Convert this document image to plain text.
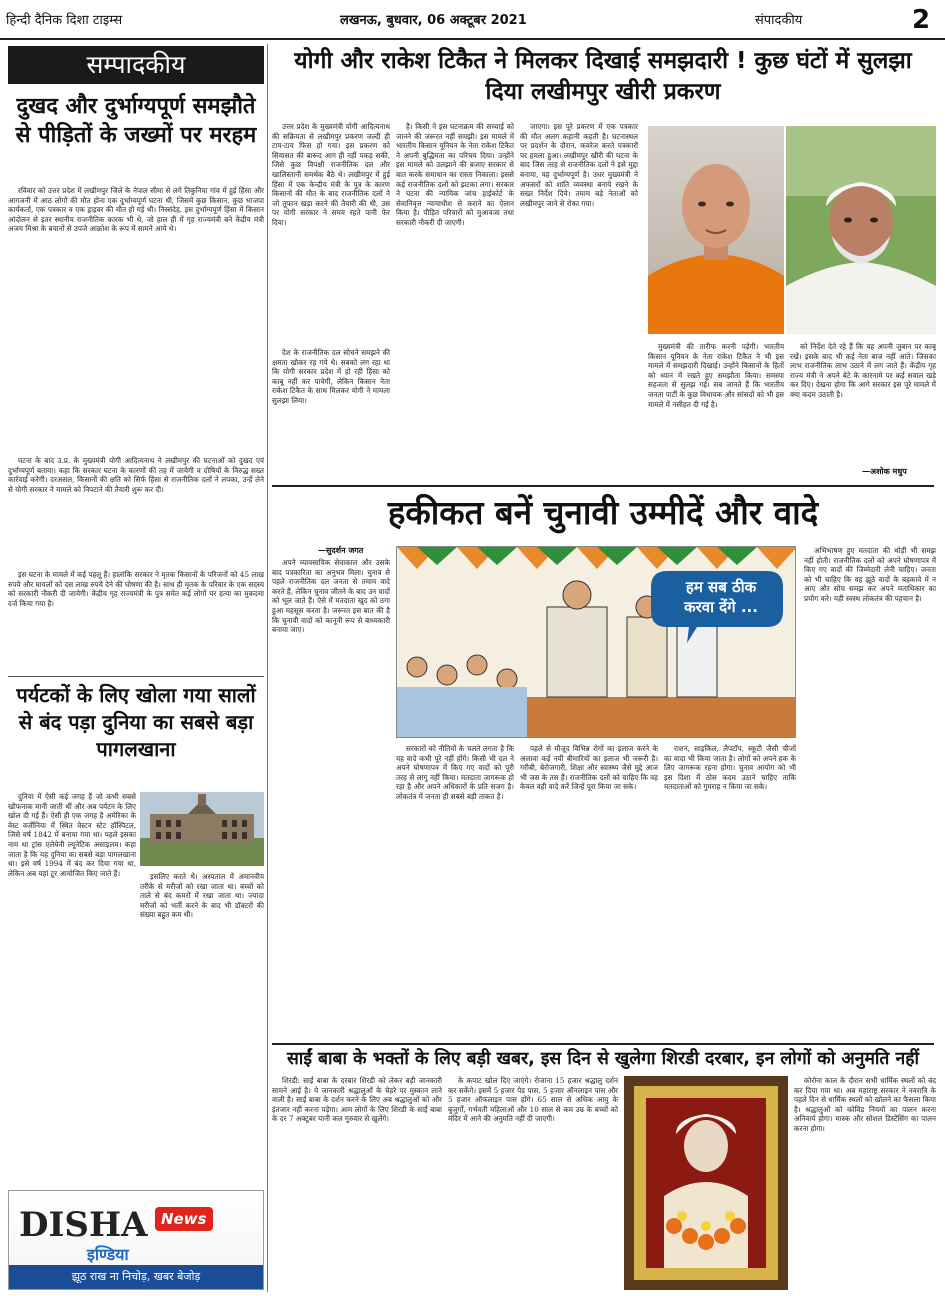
हिन्दी दैनिक दिशा टाइम्स	लखनऊ, बुधवार, 06 अक्टूबर 2021	संपादकीय	2
सम्पादकीय
दुखद और दुर्भाग्यपूर्ण समझौते से पीड़ितों के जख्मों पर मरहम

रविवार को उत्तर प्रदेश में लखीमपुर जिले के नेपाल सीमा से लगे तिकुनिया गांव में हुई हिंसा और आगजनी में आठ लोगों की मौत होना एक दुर्भाग्यपूर्ण घटना थी, जिसमें कुछ किसान, कुछ भाजपा कार्यकर्ता, एक पत्रकार व एक ड्राइवर की मौत हो गई थी। निस्संदेह, इस दुर्भाग्यपूर्ण हिंसा में किसान आंदोलन से इतर स्थानीय राजनीतिक कारक भी थे, जो हाल ही में गृह राज्यमंत्री बने केंद्रीय मंत्री अजय मिश्रा के बयानों से उपजे आक्रोश के रूप में सामने आये थे।

घटना के बाद उ.प्र. के मुख्यमंत्री योगी आदित्यनाथ ने लखीमपुर की घटनाओं को दुखद एवं दुर्भाग्यपूर्ण बताया। कहा कि सरकार घटना के कारणों की तह में जायेगी व दोषियों के विरुद्ध सख्त कार्रवाई करेगी। दरअसल, किसानों की क्षति को सिर्फ हिंसा से राजनीतिक दलों ने लपका, उन्हें लेने से योगी सरकार ने मामले को निपटाने की तैयारी शुरू कर दी।

इस घटना के मामले में कई पहलू हैं। हालांकि सरकार ने मृतक किसानों के परिजनों को 45 लाख रुपये और घायलों को दस लाख रुपये देने की घोषणा की है। साथ ही मृतक के परिवार के एक सदस्य को सरकारी नौकरी दी जायेगी। केंद्रीय गृह राज्यमंत्री के पुत्र समेत कई लोगों पर हत्या का मुकदमा दर्ज किया गया है।

पर्यटकों के लिए खोला गया सालों से बंद पड़ा दुनिया का सबसे बड़ा पागलखाना

दुनिया में ऐसी कई जगह हैं जो कभी सबसे खौफनाक मानी जाती थीं और अब पर्यटन के लिए खोल दी गई हैं। ऐसी ही एक जगह है अमेरिका के वेस्ट वर्जीनिया में स्थित वेस्टन स्टेट हॉस्पिटल, जिसे वर्ष 1842 में बनाया गया था। पहले इसका नाम था ट्रांस एलेघेनी ल्यूनेटिक असाइलम। कहा जाता है कि यह दुनिया का सबसे बड़ा पागलखाना था। इसे वर्ष 1994 में बंद कर दिया गया था, लेकिन अब यहां टूर आयोजित किए जाते हैं।	इसलिए करते थे। अस्पताल में अमानवीय तरीके से मरीजों को रखा जाता था। बच्चों को ताले से बंद कमरों में रखा जाता था। ज्यादा मरीजों को भर्ती करने के बाद भी डॉक्टरों की संख्या बहुत कम थी।

DISHA News
इण्डिया
झूठ राख ना निचोड़, खबर बेजोड़
योगी और राकेश टिकैत ने मिलकर दिखाई समझदारी ! कुछ घंटों में सुलझा दिया लखीमपुर खीरी प्रकरण

उत्तर प्रदेश के मुख्यमंत्री योगी आदित्यनाथ की सक्रियता से लखीमपुर प्रकरण जल्दी ही टाय-टाय फिस हो गया। इस प्रकरण को सियासत की बारूद आग ही नहीं पकड़ सकी, जिसे कुछ विपक्षी राजनीतिक दल और खालिस्तानी समर्थक बैठे थे। लखीमपुर में हुई हिंसा में एक केन्द्रीय मंत्री के पुत्र के कारण किसानों की मौत के बाद राजनीतिक दलों ने जो तूफान खड़ा करने की तैयारी की थी, उस पर योगी सरकार ने समय रहते पानी फेर दिया।

देश के राजनीतिक दल सोचने समझने की क्षमता खोकर रह गये थे। सबको लग रहा था कि योगी सरकार प्रदेश में हो रही हिंसा को काबू नहीं कर पायेगी, लेकिन किसान नेता राकेश टिकैत के साथ मिलकर योगी ने मामला सुलझा लिया।

है। किसी ने इस घटनाक्रम की सच्चाई को जानने की जरूरत नहीं समझी। इस मामले में भारतीय किसान यूनियन के नेता राकेश टिकैत ने अपनी बुद्धिमता का परिचय दिया। उन्होंने इस मामले को उलझाने की बजाए सरकार से बात करके समाधान का रास्ता निकाला। इससे कई राजनीतिक दलों को झटका लगा। सरकार ने घटना की न्यायिक जांच हाईकोर्ट के सेवानिवृत्त न्यायाधीश से कराने का ऐलान किया है। पीड़ित परिवारों को मुआवजा तथा सरकारी नौकरी दी जाएगी।

जाएगा। इस पूरे प्रकरण में एक पत्रकार की मौत अलग कहानी कहती है। घटनास्थल पर प्रदर्शन के दौरान, कवरेज करते पत्रकारों पर हमला हुआ। लखीमपुर खीरी की घटना के बाद जिस तरह से राजनीतिक दलों ने इसे मुद्दा बनाया, वह दुर्भाग्यपूर्ण है। उधर मुख्यमंत्री ने अफसरों को शांति व्यवस्था बनाये रखने के सख्त निर्देश दिये। तमाम बड़े नेताओं को लखीमपुर जाने से रोका गया।

मुख्यमंत्री की तारीफ करनी पड़ेगी। भारतीय किसान यूनियन के नेता राकेश टिकैत ने भी इस मामले में समझदारी दिखाई। उन्होंने किसानों के हितों को ध्यान में रखते हुए समझौता किया। समस्या सहजता से सुलझ गई। सब जानते हैं कि भारतीय जनता पार्टी के कुछ विधायक और सांसदों को भी इस मामले में नसीहत दी गई है।

को निर्देश देते रहे हैं कि वह अपनी जुबान पर काबू रखें। इसके बाद भी कई नेता बाज नहीं आते। जिसका लाभ राजनीतिक लाभ उठाने में लग जाते हैं। केंद्रीय गृह राज्य मंत्री ने अपने बेटे के कारनामे पर कई सवाल खड़े कर दिए। देखना होगा कि आगे सरकार इस पूरे मामले में क्या कदम उठाती है।

—अशोक मधुप
हकीकत बनें चुनावी उम्मीदें और वादे
—सुदर्शन जगत

अपने व्यावसायिक सेवाकाल और उसके बाद पत्रकारिता का अनुभव मिला। चुनाव से पहले राजनीतिक दल जनता से तमाम वादे करते हैं, लेकिन चुनाव जीतने के बाद उन वादों को भूल जाते हैं। ऐसे में मतदाता खुद को ठगा हुआ महसूस करता है। जरूरत इस बात की है कि चुनावी वादों को कानूनी रूप से बाध्यकारी बनाया जाए।

हम सब ठीक
करवा देंगे ...

सरकारों को नीतियों के चलते लगता है कि यह वादे कभी पूरे नहीं होंगे। किसी भी दल ने अपने घोषणापत्र में किए गए वादों को पूरी तरह से लागू नहीं किया। मतदाता जागरूक हो रहा है और अपने अधिकारों के प्रति सजग है। लोकतंत्र में जनता ही सबसे बड़ी ताकत है।

पहले से मौजूद विभिन्न रोगों का इलाज करने के अलावा कई नयी बीमारियों का इलाज भी जरूरी है। गरीबी, बेरोजगारी, शिक्षा और स्वास्थ्य जैसे मुद्दे आज भी जस के तस हैं। राजनीतिक दलों को चाहिए कि वह केवल वही वादे करें जिन्हें पूरा किया जा सके।

राशन, साइकिल, लैपटॉप, स्कूटी जैसी चीजों का वादा भी किया जाता है। लोगों को अपने हक के लिए जागरूक रहना होगा। चुनाव आयोग को भी इस दिशा में ठोस कदम उठाने चाहिए ताकि मतदाताओं को गुमराह न किया जा सके।

अभिभाषण हुए मतदाता की थोड़ी भी समझ नहीं होती। राजनीतिक दलों को अपने घोषणापत्र में किए गए वादों की जिम्मेदारी लेनी चाहिए। जनता को भी चाहिए कि वह झूठे वादों के बहकावे में न आए और सोच समझ कर अपने मताधिकार का प्रयोग करे। यही स्वस्थ लोकतंत्र की पहचान है।

साईं बाबा के भक्तों के लिए बड़ी खबर, इस दिन से खुलेगा शिरडी दरबार, इन लोगों को अनुमति नहीं

शिरडी: साईं बाबा के दरबार शिरडी को लेकर बड़ी जानकारी सामने आई है। ये जानकारी श्रद्धालुओं के चेहरे पर मुस्कान लाने वाली है। साईं बाबा के दर्शन करने के लिए अब श्रद्धालुओं को और इंतजार नहीं करना पड़ेगा। आम लोगों के लिए शिरडी के साईं बाबा के दर 7 अक्टूबर यानी कल गुरुवार से खुलेंगे।

के कपाट खोल दिए जाएंगे। रोजाना 15 हजार श्रद्धालु दर्शन कर सकेंगे। इसमें 5 हजार पेड पास, 5 हजार ऑनलाइन पास और 5 हजार ऑफलाइन पास होंगे। 65 साल से अधिक आयु के बुजुर्गों, गर्भवती महिलाओं और 10 साल से कम उम्र के बच्चों को मंदिर में आने की अनुमति नहीं दी जाएगी।

कोरोना काल के दौरान सभी धार्मिक स्थलों को बंद कर दिया गया था। अब महाराष्ट्र सरकार ने नवरात्रि के पहले दिन से धार्मिक स्थलों को खोलने का फैसला किया है। श्रद्धालुओं को कोविड नियमों का पालन करना अनिवार्य होगा। मास्क और सोशल डिस्टेंसिंग का पालन करना होगा।
